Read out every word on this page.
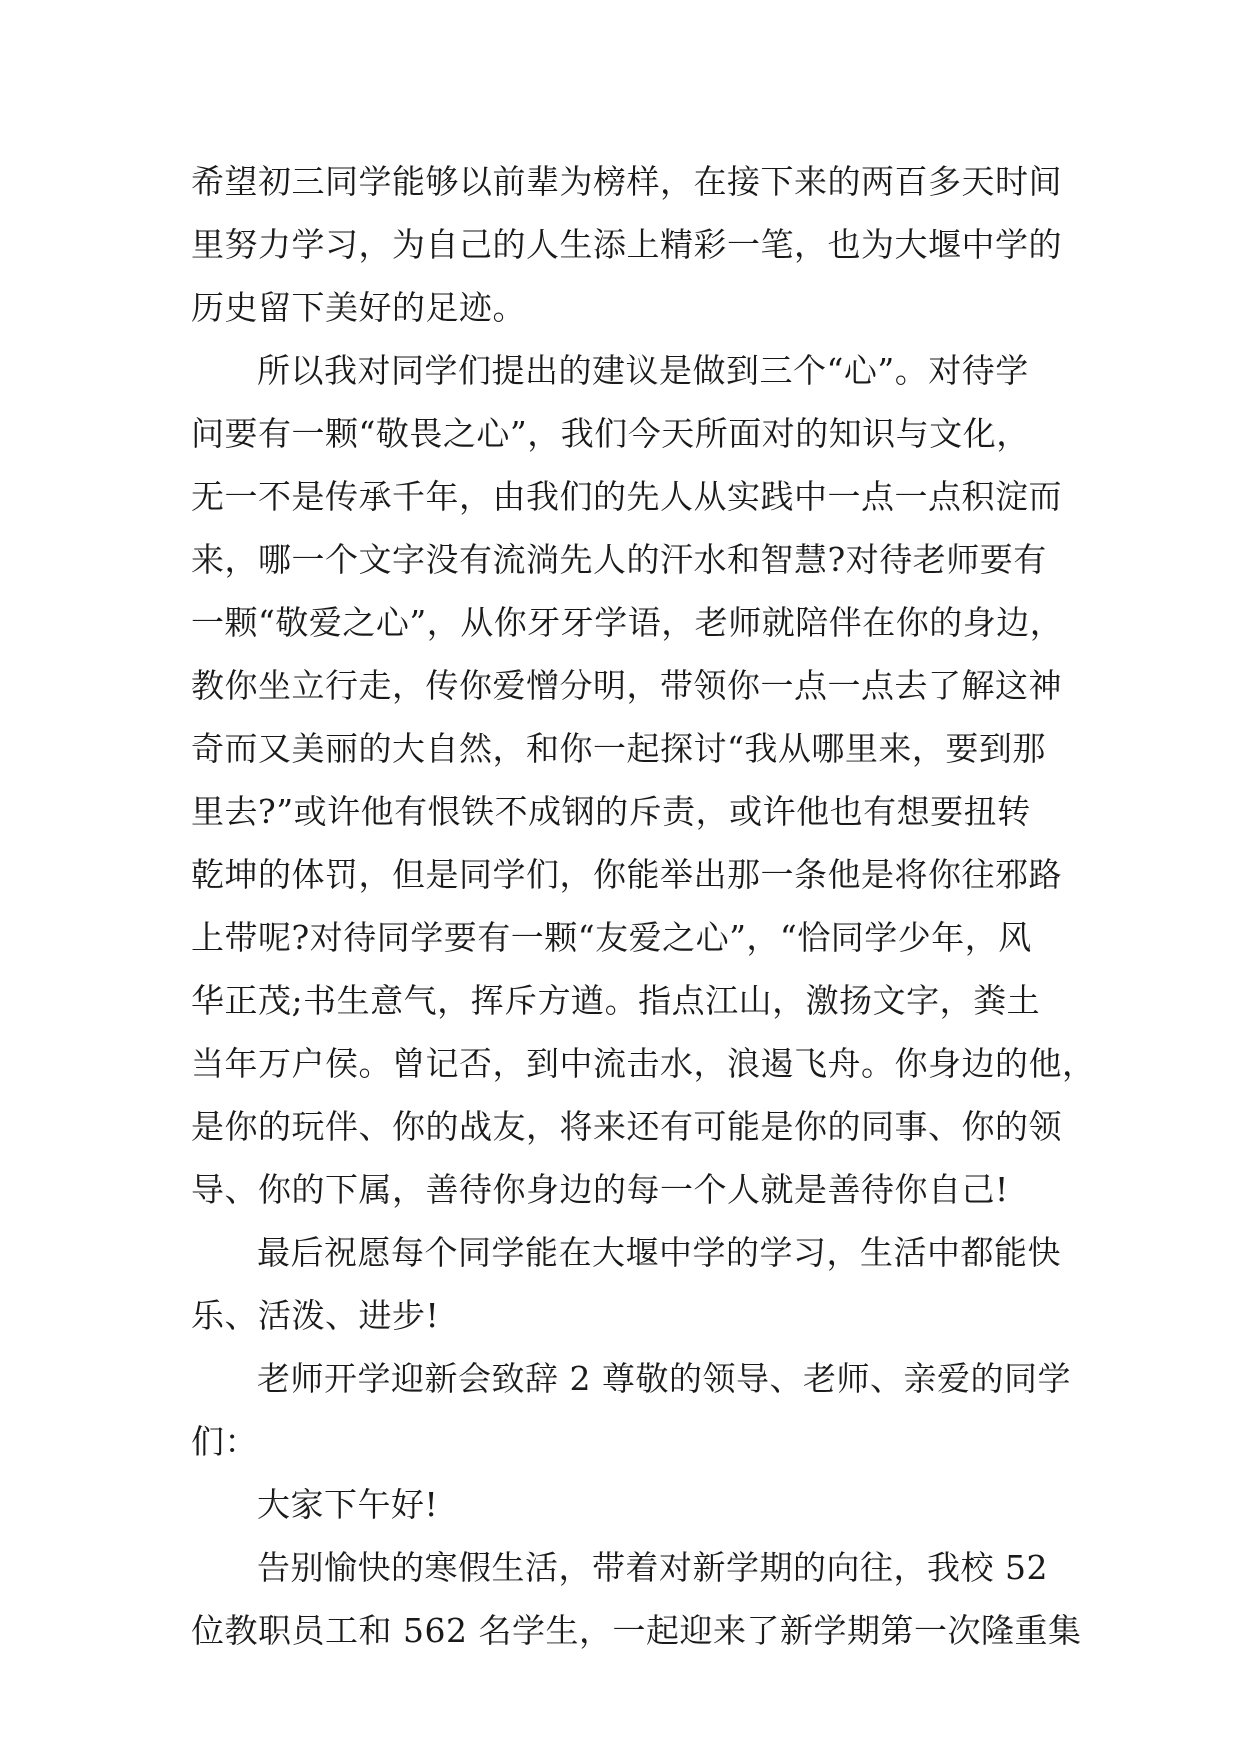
希望初三同学能够以前辈为榜样，在接下来的两百多天时间
里努力学习，为自己的人生添上精彩一笔，也为大堰中学的
历史留下美好的足迹。
所以我对同学们提出的建议是做到三个“心”。对待学
问要有一颗“敬畏之心”，我们今天所面对的知识与文化，
无一不是传承千年，由我们的先人从实践中一点一点积淀而
来，哪一个文字没有流淌先人的汗水和智慧?对待老师要有
一颗“敬爱之心”，从你牙牙学语，老师就陪伴在你的身边，
教你坐立行走，传你爱憎分明，带领你一点一点去了解这神
奇而又美丽的大自然，和你一起探讨“我从哪里来，要到那
里去?”或许他有恨铁不成钢的斥责，或许他也有想要扭转
乾坤的体罚，但是同学们，你能举出那一条他是将你往邪路
上带呢?对待同学要有一颗“友爱之心”，“恰同学少年，风
华正茂;书生意气，挥斥方遒。指点江山，激扬文字，粪土
当年万户侯。曾记否，到中流击水，浪遏飞舟。你身边的他，
是你的玩伴、你的战友，将来还有可能是你的同事、你的领
导、你的下属，善待你身边的每一个人就是善待你自己!
最后祝愿每个同学能在大堰中学的学习，生活中都能快
乐、活泼、进步!
老师开学迎新会致辞 2 尊敬的领导、老师、亲爱的同学
们：
大家下午好!
告别愉快的寒假生活，带着对新学期的向往，我校 52
位教职员工和 562 名学生，一起迎来了新学期第一次隆重集
